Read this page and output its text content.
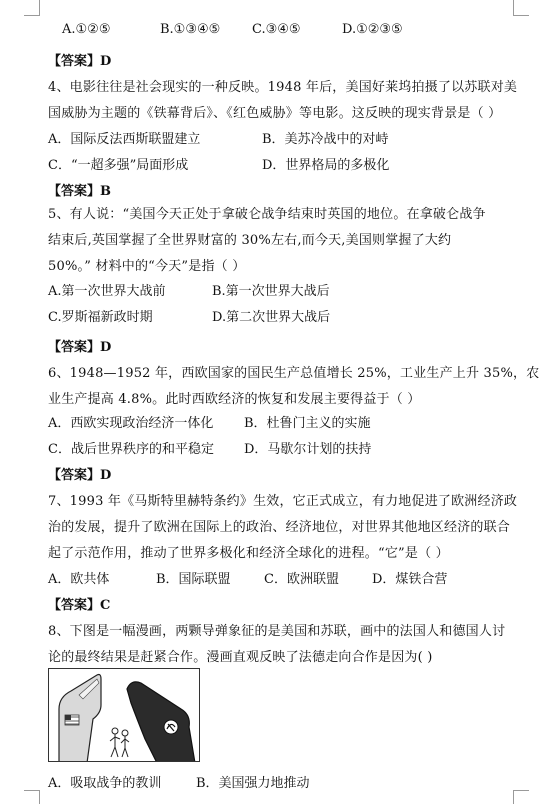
A.①②⑤	B.①③④⑤ C.③④⑤	D.①②③⑤
【答案】D
4、电影往往是社会现实的一种反映。1948 年后，美国好莱坞拍摄了以苏联对美
国威胁为主题的《铁幕背后》、《红色威胁》等电影。这反映的现实背景是（ ）
A．国际反法西斯联盟建立	B．美苏冷战中的对峙
C．“一超多强”局面形成	D．世界格局的多极化
【答案】B
5、有人说：“美国今天正处于拿破仑战争结束时英国的地位。在拿破仑战争
结束后,英国掌握了全世界财富的 30%左右,而今天,美国则掌握了大约
50%。” 材料中的“今天”是指（ ）
A.第一次世界大战前	B.第一次世界大战后
C.罗斯福新政时期	D.第二次世界大战后
【答案】D
6、1948—1952 年，西欧国家的国民生产总值增长 25%，工业生产上升 35%，农
业生产提高 4.8%。此时西欧经济的恢复和发展主要得益于（ ）
A．西欧实现政治经济一体化 B．杜鲁门主义的实施
C．战后世界秩序的和平稳定 D．马歇尔计划的扶持
【答案】D
7、1993 年《马斯特里赫特条约》生效，它正式成立，有力地促进了欧洲经济政
治的发展，提升了欧洲在国际上的政治、经济地位，对世界其他地区经济的联合
起了示范作用，推动了世界多极化和经济全球化的进程。“它”是（ ）
A．欧共体	B．国际联盟	C．欧洲联盟	D．煤铁合营
【答案】C
8、下图是一幅漫画，两颗导弹象征的是美国和苏联，画中的法国人和德国人讨
论的最终结果是赶紧合作。漫画直观反映了法德走向合作是因为( )
A．吸取战争的教训	B．美国强力地推动
